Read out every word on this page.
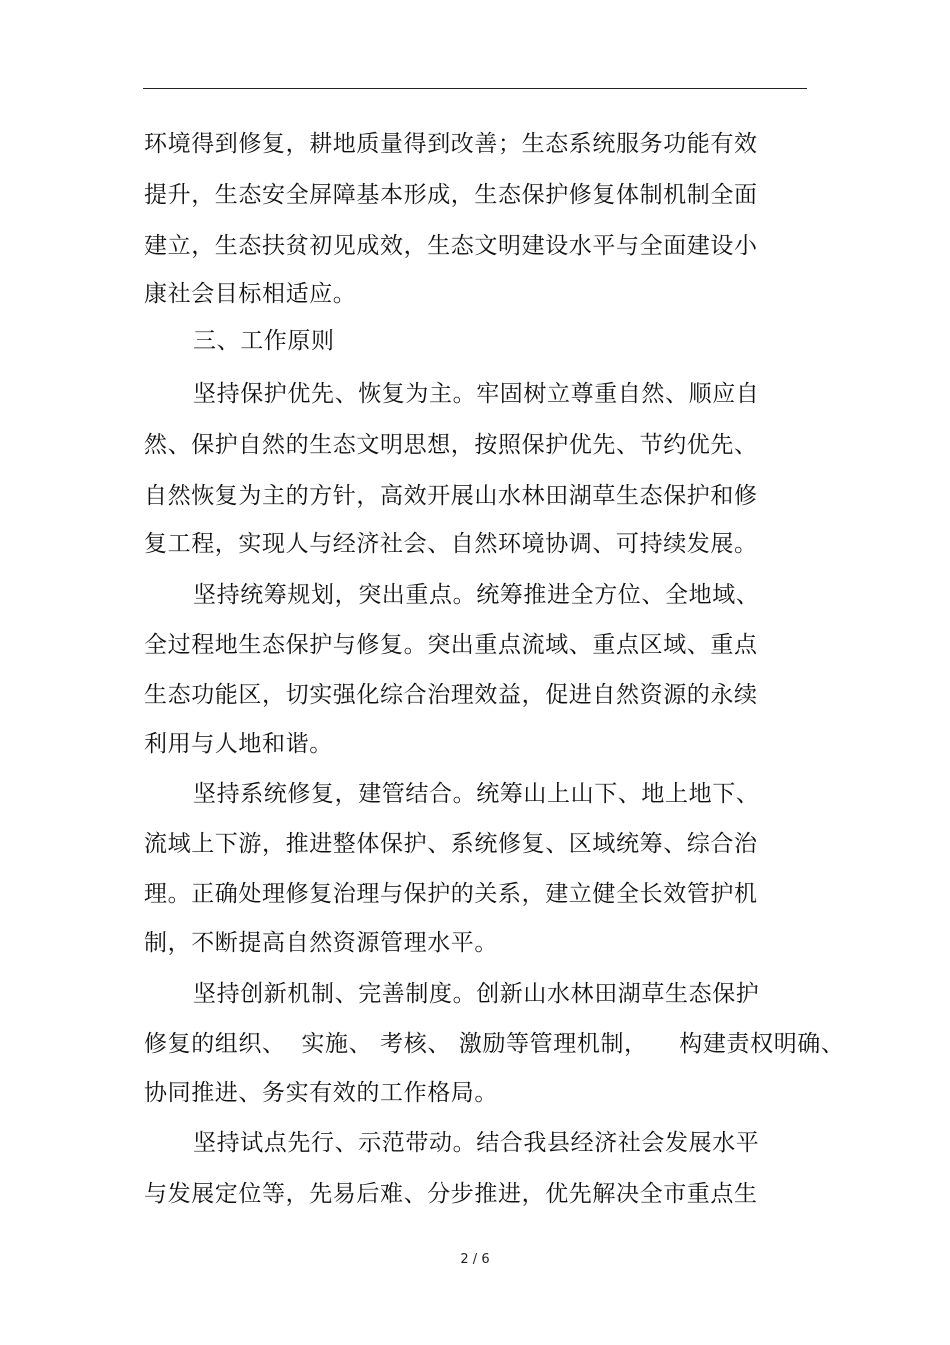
环境得到修复，耕地质量得到改善；生态系统服务功能有效
提升，生态安全屏障基本形成，生态保护修复体制机制全面
建立，生态扶贫初见成效，生态文明建设水平与全面建设小
康社会目标相适应。
三、工作原则
坚持保护优先、恢复为主。牢固树立尊重自然、顺应自
然、保护自然的生态文明思想，按照保护优先、节约优先、
自然恢复为主的方针，高效开展山水林田湖草生态保护和修
复工程，实现人与经济社会、自然环境协调、可持续发展。
坚持统筹规划，突出重点。统筹推进全方位、全地域、
全过程地生态保护与修复。突出重点流域、重点区域、重点
生态功能区，切实强化综合治理效益，促进自然资源的永续
利用与人地和谐。
坚持系统修复，建管结合。统筹山上山下、地上地下、
流域上下游，推进整体保护、系统修复、区域统筹、综合治
理。正确处理修复治理与保护的关系，建立健全长效管护机
制，不断提高自然资源管理水平。
坚持创新机制、完善制度。创新山水林田湖草生态保护
修复的组织、  实施、 考核、 激励等管理机制，    构建责权明确、
协同推进、务实有效的工作格局。
坚持试点先行、示范带动。结合我县经济社会发展水平
与发展定位等，先易后难、分步推进，优先解决全市重点生
2 / 6
